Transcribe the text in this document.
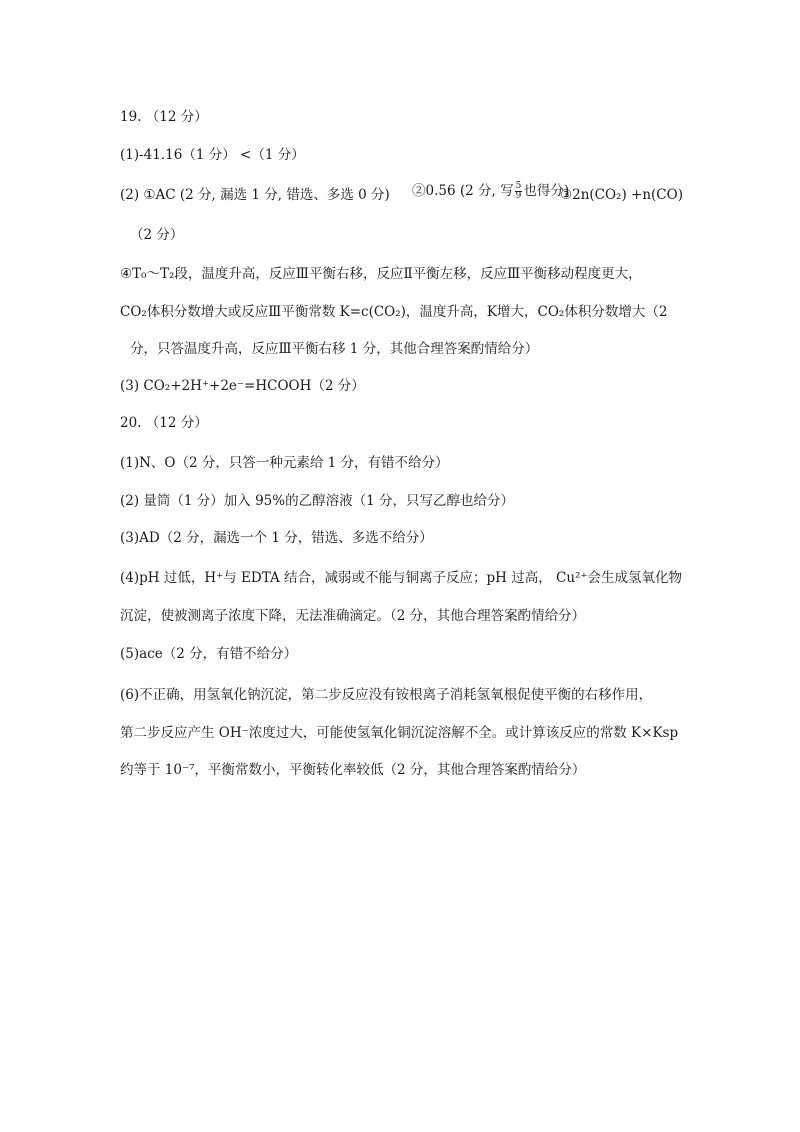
19. （12 分）
(1)-41.16（1 分） <（1 分）
(2) ①AC (2 分, 漏选 1 分, 错选、多选 0 分) ②0.56 (2 分, 写 $\frac{5}{9}$ 也得分)
③2n(CO₂) +n(CO)
（2 分）
④T₀～T₂段，温度升高，反应Ⅲ平衡右移，反应Ⅱ平衡左移，反应Ⅲ平衡移动程度更大，
CO₂体积分数增大或反应Ⅲ平衡常数 K=c(CO₂)，温度升高，K增大，CO₂体积分数增大（2
分，只答温度升高，反应Ⅲ平衡右移 1 分，其他合理答案酌情给分）
(3) CO₂+2H⁺+2e⁻=HCOOH（2 分）
20. （12 分）
(1)N、O（2 分，只答一种元素给 1 分，有错不给分）
(2) 量筒（1 分）加入 95%的乙醇溶液（1 分，只写乙醇也给分）
(3)AD（2 分，漏选一个 1 分，错选、多选不给分）
(4)pH 过低，H⁺与 EDTA 结合，减弱或不能与铜离子反应；pH 过高， Cu²⁺会生成氢氧化物
沉淀，使被测离子浓度下降，无法准确滴定。（2 分，其他合理答案酌情给分）
(5)ace（2 分，有错不给分）
(6)不正确，用氢氧化钠沉淀，第二步反应没有铵根离子消耗氢氧根促使平衡的右移作用，
第二步反应产生 OH⁻浓度过大，可能使氢氧化铜沉淀溶解不全。或计算该反应的常数 K×Ksp
约等于 10⁻⁷，平衡常数小，平衡转化率较低（2 分，其他合理答案酌情给分）
